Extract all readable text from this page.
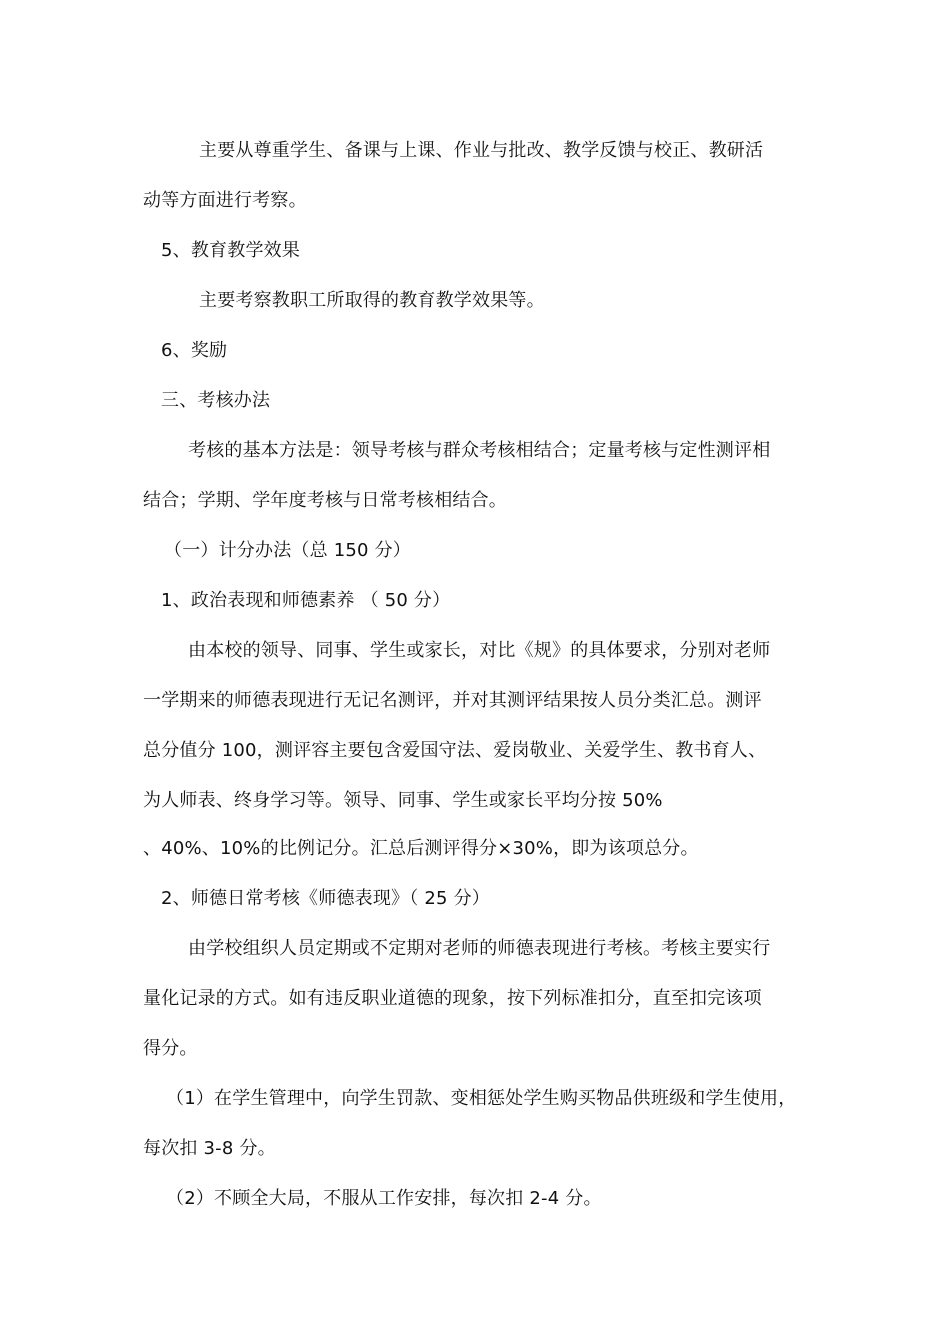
主要从尊重学生、备课与上课、作业与批改、教学反馈与校正、教研活
动等方面进行考察。
5、教育教学效果
主要考察教职工所取得的教育教学效果等。
6、奖励
三、考核办法
考核的基本方法是：领导考核与群众考核相结合；定量考核与定性测评相
结合；学期、学年度考核与日常考核相结合。
（一）计分办法（总 150 分）
1、政治表现和师德素养 （ 50 分）
由本校的领导、同事、学生或家长，对比《规》的具体要求，分别对老师
一学期来的师德表现进行无记名测评，并对其测评结果按人员分类汇总。测评
总分值分 100，测评容主要包含爱国守法、爱岗敬业、关爱学生、教书育人、
为人师表、终身学习等。领导、同事、学生或家长平均分按 50%
、40%、10%的比例记分。汇总后测评得分×30%，即为该项总分。
2、师德日常考核《师德表现》（ 25 分）
由学校组织人员定期或不定期对老师的师德表现进行考核。考核主要实行
量化记录的方式。如有违反职业道德的现象，按下列标准扣分，直至扣完该项
得分。
（1）在学生管理中，向学生罚款、变相惩处学生购买物品供班级和学生使用，
每次扣 3-8 分。
（2）不顾全大局，不服从工作安排，每次扣 2-4 分。
